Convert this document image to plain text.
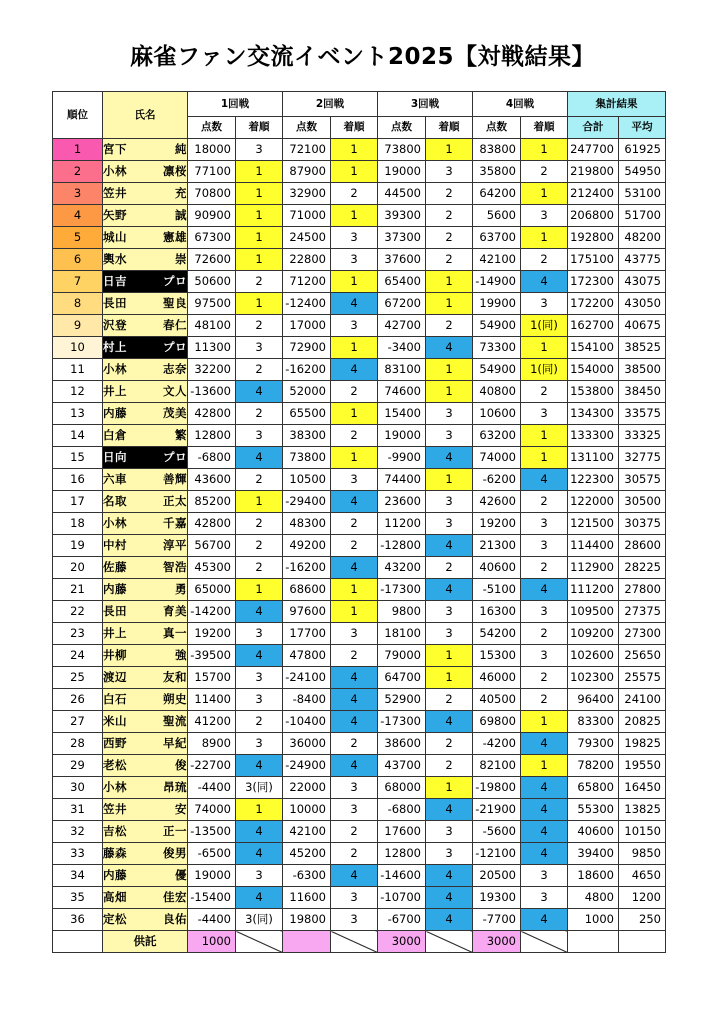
麻雀ファン交流イベント2025【対戦結果】
順位	氏名	1回戦		2回戦		3回戦		4回戦		集計結果	
		点数	着順	点数	着順	点数	着順	点数	着順	合計	平均
1	宮下 純	18000	3	72100	1	73800	1	83800	1	247700	61925
2	小林 凛桜	77100	1	87900	1	19000	3	35800	2	219800	54950
3	笠井 充	70800	1	32900	2	44500	2	64200	1	212400	53100
4	矢野 誠	90900	1	71000	1	39300	2	5600	3	206800	51700
5	城山 憲雄	67300	1	24500	3	37300	2	63700	1	192800	48200
6	輿水 崇	72600	1	22800	3	37600	2	42100	2	175100	43775
7	日吉 プロ	50600	2	71200	1	65400	1	-14900	4	172300	43075
8	長田 聖良	97500	1	-12400	4	67200	1	19900	3	172200	43050
9	沢登 春仁	48100	2	17000	3	42700	2	54900	1(同)	162700	40675
10	村上 プロ	11300	3	72900	1	-3400	4	73300	1	154100	38525
11	小林 志奈	32200	2	-16200	4	83100	1	54900	1(同)	154000	38500
12	井上 文人	-13600	4	52000	2	74600	1	40800	2	153800	38450
13	内藤 茂美	42800	2	65500	1	15400	3	10600	3	134300	33575
14	白倉 繁	12800	3	38300	2	19000	3	63200	1	133300	33325
15	日向 プロ	-6800	4	73800	1	-9900	4	74000	1	131100	32775
16	六車 善輝	43600	2	10500	3	74400	1	-6200	4	122300	30575
17	名取 正太	85200	1	-29400	4	23600	3	42600	2	122000	30500
18	小林 千嘉	42800	2	48300	2	11200	3	19200	3	121500	30375
19	中村 淳平	56700	2	49200	2	-12800	4	21300	3	114400	28600
20	佐藤 智浩	45300	2	-16200	4	43200	2	40600	2	112900	28225
21	内藤 勇	65000	1	68600	1	-17300	4	-5100	4	111200	27800
22	長田 育美	-14200	4	97600	1	9800	3	16300	3	109500	27375
23	井上 真一	19200	3	17700	3	18100	3	54200	2	109200	27300
24	井柳 強	-39500	4	47800	2	79000	1	15300	3	102600	25650
25	渡辺 友和	15700	3	-24100	4	64700	1	46000	2	102300	25575
26	白石 朔史	11400	3	-8400	4	52900	2	40500	2	96400	24100
27	米山 聖流	41200	2	-10400	4	-17300	4	69800	1	83300	20825
28	西野 早紀	8900	3	36000	2	38600	2	-4200	4	79300	19825
29	老松 俊	-22700	4	-24900	4	43700	2	82100	1	78200	19550
30	小林 昂琉	-4400	3(同)	22000	3	68000	1	-19800	4	65800	16450
31	笠井 安	74000	1	10000	3	-6800	4	-21900	4	55300	13825
32	吉松 正一	-13500	4	42100	2	17600	3	-5600	4	40600	10150
33	藤森 俊男	-6500	4	45200	2	12800	3	-12100	4	39400	9850
34	内藤 優	19000	3	-6300	4	-14600	4	20500	3	18600	4650
35	高畑 佳宏	-15400	4	11600	3	-10700	4	19300	3	4800	1200
36	定松 良佑	-4400	3(同)	19800	3	-6700	4	-7700	4	1000	250
	供託	1000				3000		3000			
